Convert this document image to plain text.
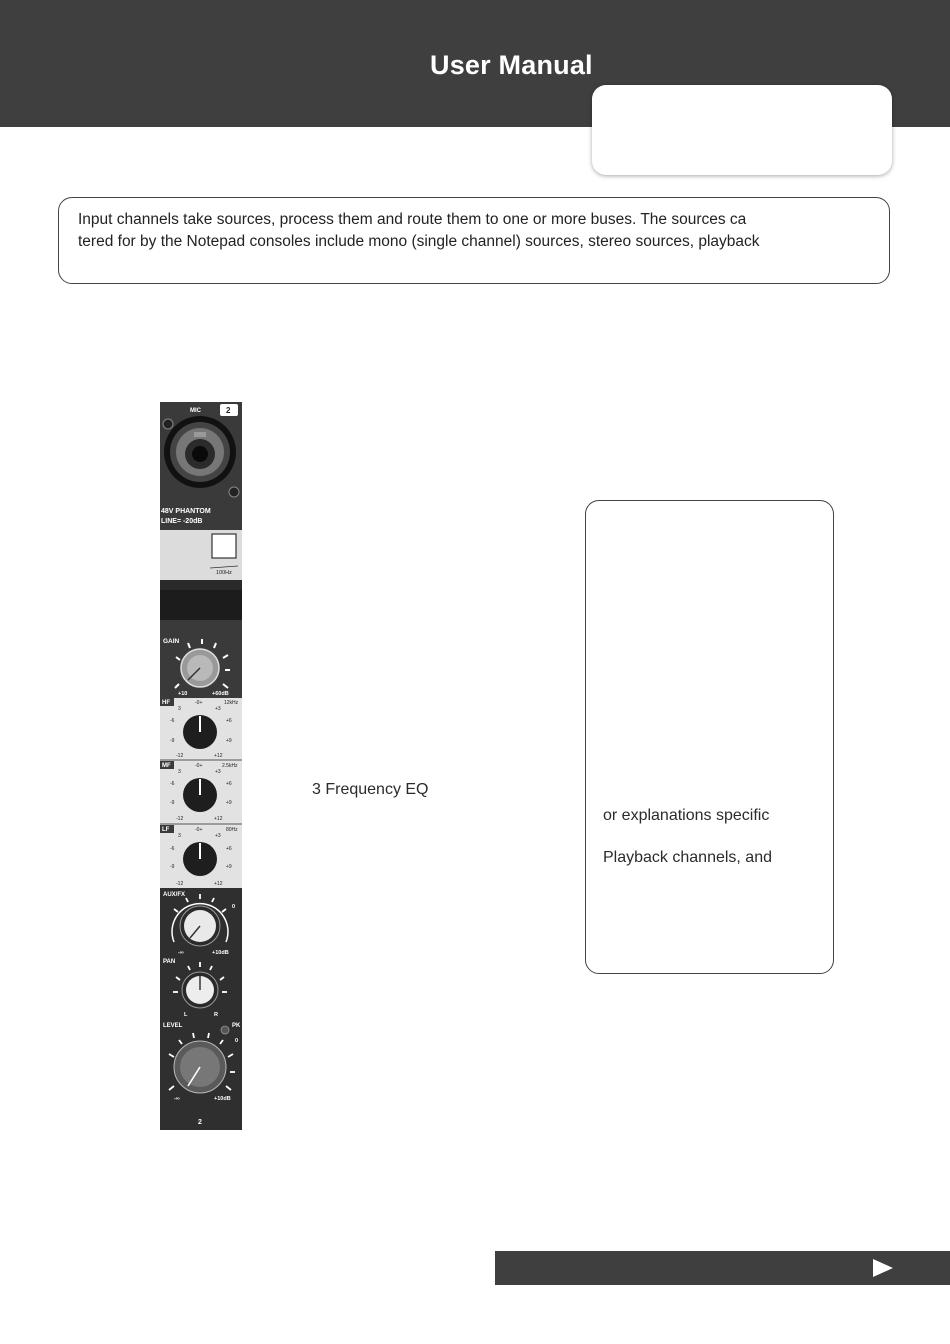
User Manual
Input channels take sources, process them and route them to one or more buses. The sources ca
tered for by the Notepad consoles include mono (single channel) sources, stereo sources, playback
MIC	2
48V PHANTOM
LINE= -20dB
100Hz
GAIN
+10	+60dB
HF	12kHz
-0+
3	+3
-6	+6
-9	+9
-12	+12
MF	2.5kHz
-0+
3	+3
-6	+6
-9	+9
-12	+12
LF	80Hz
-0+
3	+3
-6	+6
-9	+9
-12	+12
AUX/FX
0
-∞	+10dB
PAN
L	R
LEVEL	PK
0
-∞	+10dB
2
3 Frequency EQ
or explanations specific
Playback channels, and
